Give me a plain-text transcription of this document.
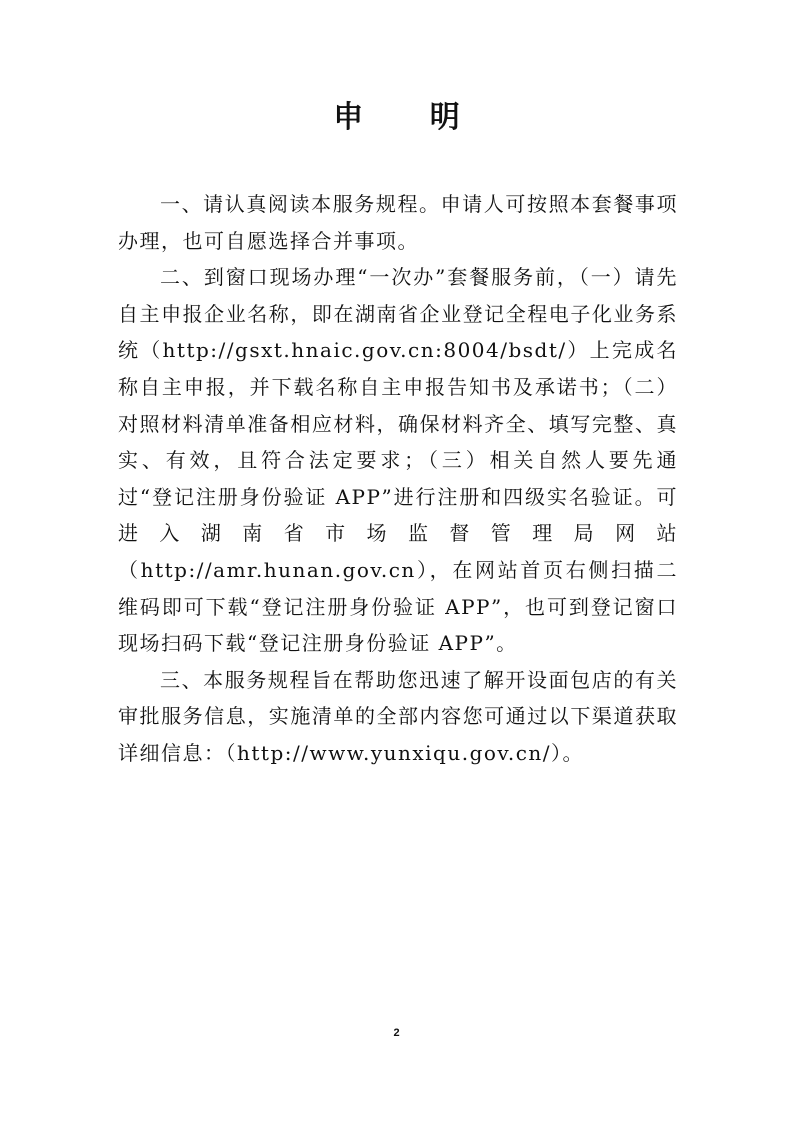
申 明

一、请认真阅读本服务规程。申请人可按照本套餐事项办理，也可自愿选择合并事项。

二、到窗口现场办理“一次办”套餐服务前，（一）请先自主申报企业名称，即在湖南省企业登记全程电子化业务系统（http://gsxt.hnaic.gov.cn:8004/bsdt/）上完成名称自主申报，并下载名称自主申报告知书及承诺书；（二）对照材料清单准备相应材料，确保材料齐全、填写完整、真实、有效，且符合法定要求；（三）相关自然人要先通过“登记注册身份验证 APP”进行注册和四级实名验证。可进入湖南省市场监督管理局网站（http://amr.hunan.gov.cn），在网站首页右侧扫描二维码即可下载“登记注册身份验证 APP”，也可到登记窗口现场扫码下载“登记注册身份验证 APP”。

三、本服务规程旨在帮助您迅速了解开设面包店的有关审批服务信息，实施清单的全部内容您可通过以下渠道获取详细信息：（http://www.yunxiqu.gov.cn/）。

2
